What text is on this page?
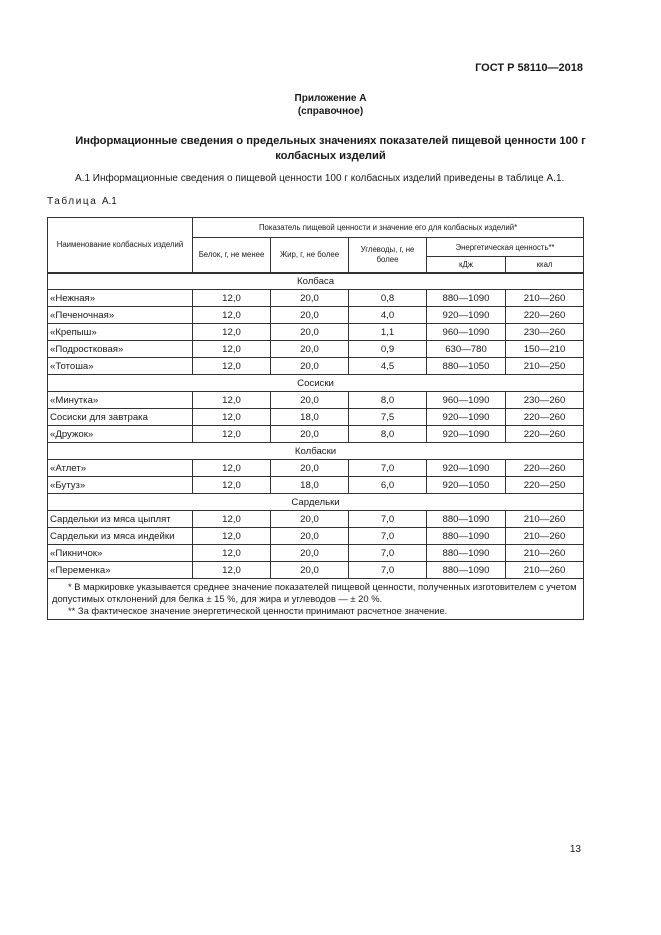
ГОСТ Р 58110—2018
Приложение А
(справочное)
Информационные сведения о предельных значениях показателей пищевой ценности 100 г колбасных изделий
А.1 Информационные сведения о пищевой ценности 100 г колбасных изделий приведены в таблице А.1.
Таблица А.1
Наименование колбасных изделий	Показатель пищевой ценности и значение его для колбасных изделий*				
	Белок, г, не менее	Жир, г, не более	Углеводы, г, не более	Энергетическая ценность**	
				кДж	ккал
Колбаса					
«Нежная»	12,0	20,0	0,8	880—1090	210—260
«Печеночная»	12,0	20,0	4,0	920—1090	220—260
«Крепыш»	12,0	20,0	1,1	960—1090	230—260
«Подростковая»	12,0	20,0	0,9	630—780	150—210
«Тотоша»	12,0	20,0	4,5	880—1050	210—250
Сосиски					
«Минутка»	12,0	20,0	8,0	960—1090	230—260
Сосиски для завтрака	12,0	18,0	7,5	920—1090	220—260
«Дружок»	12,0	20,0	8,0	920—1090	220—260
Колбаски					
«Атлет»	12,0	20,0	7,0	920—1090	220—260
«Бутуз»	12,0	18,0	6,0	920—1050	220—250
Сардельки					
Сардельки из мяса цыплят	12,0	20,0	7,0	880—1090	210—260
Сардельки из мяса индейки	12,0	20,0	7,0	880—1090	210—260
«Пикничок»	12,0	20,0	7,0	880—1090	210—260
«Переменка»	12,0	20,0	7,0	880—1090	210—260

* В маркировке указывается среднее значение показателей пищевой ценности, полученных изготовителем с учетом допустимых отклонений для белка ± 15 %, для жира и углеводов — ± 20 %.
** За фактическое значение энергетической ценности принимают расчетное значение.					
13
